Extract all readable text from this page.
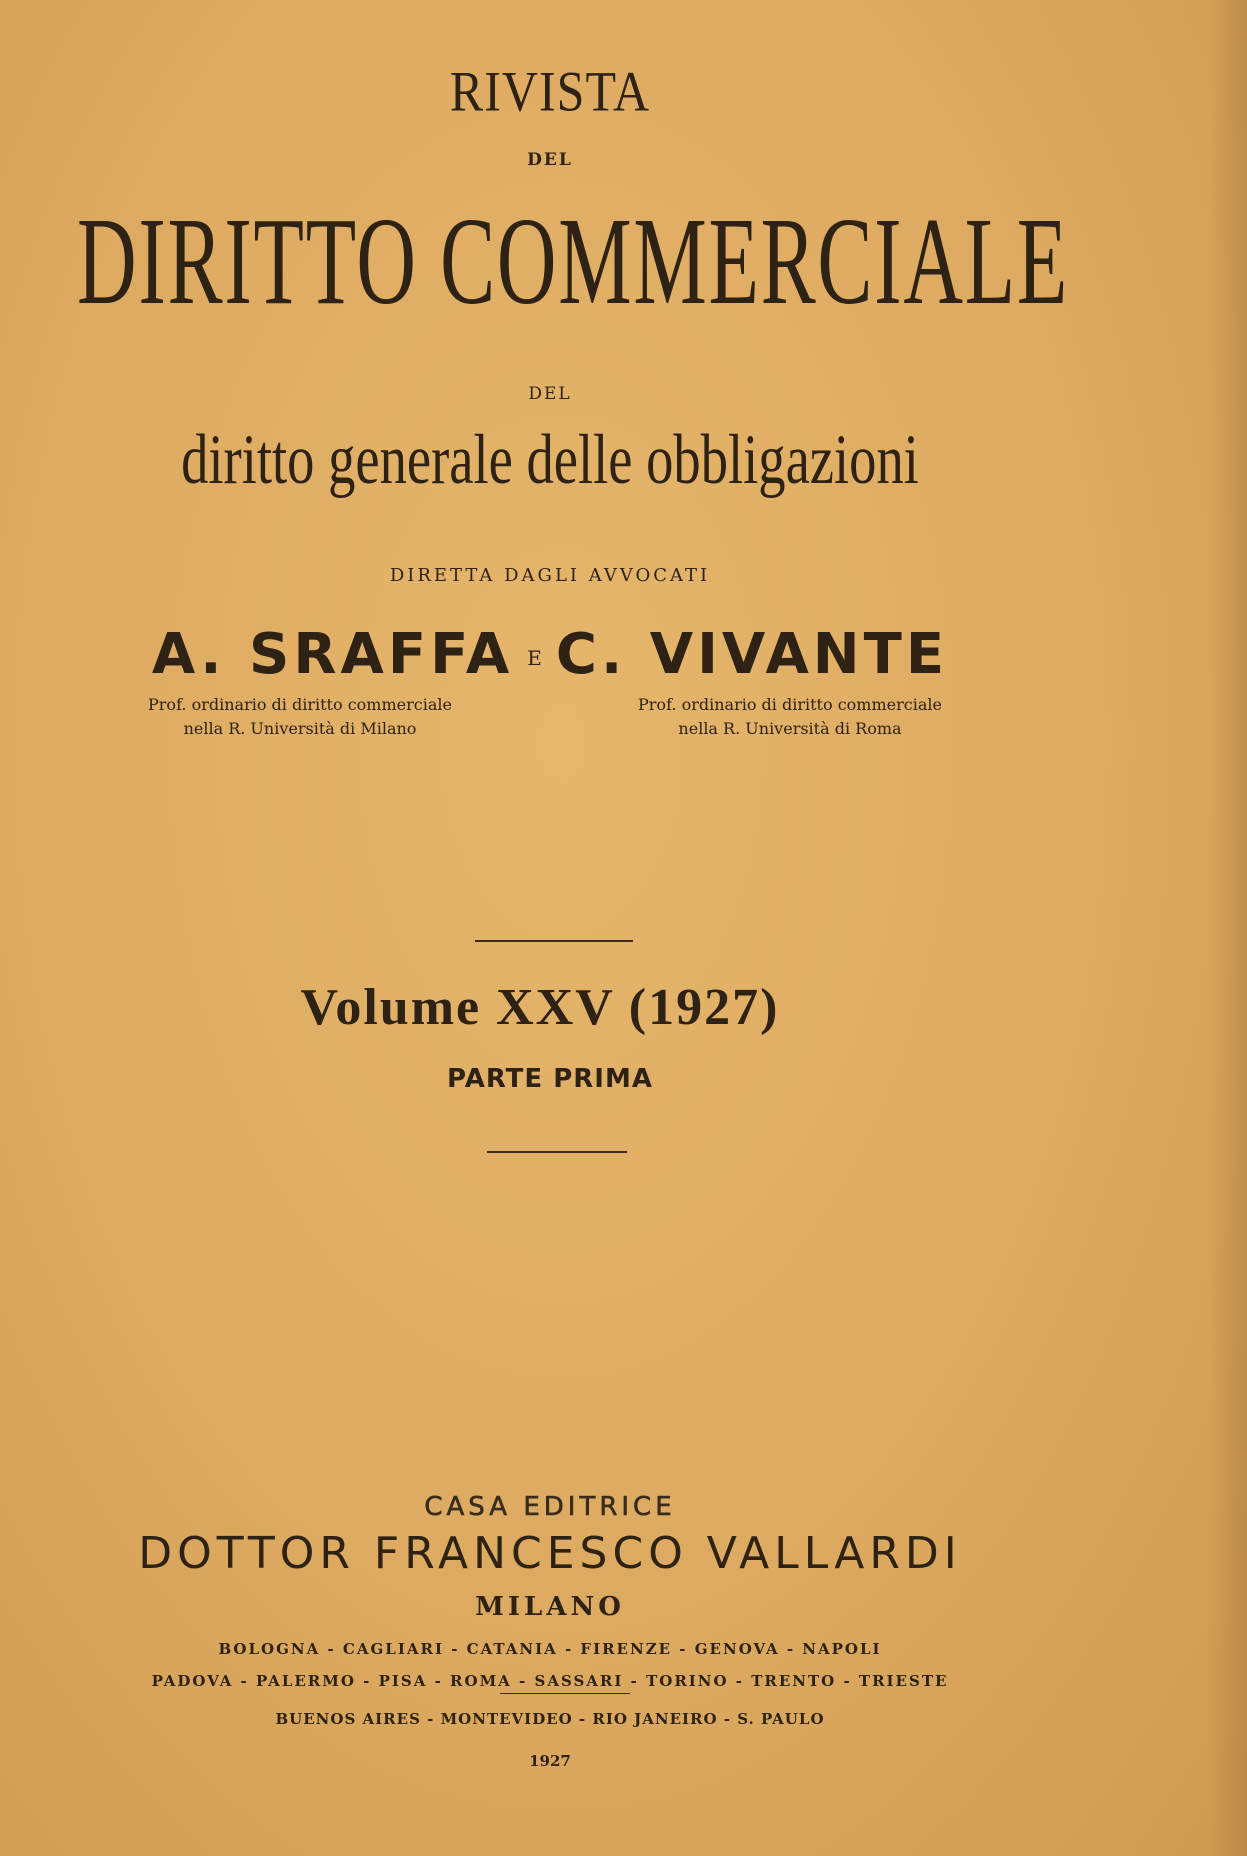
RIVISTA
DEL
DIRITTO COMMERCIALE
DEL
diritto generale delle obbligazioni
DIRETTA DAGLI AVVOCATI
A. SRAFFA E C. VIVANTE
Prof. ordinario di diritto commerciale
nella R. Università di Milano
Prof. ordinario di diritto commerciale
nella R. Università di Roma
Volume XXV (1927)
PARTE PRIMA
CASA EDITRICE
DOTTOR FRANCESCO VALLARDI
MILANO
BOLOGNA - CAGLIARI - CATANIA - FIRENZE - GENOVA - NAPOLI
PADOVA - PALERMO - PISA - ROMA - SASSARI - TORINO - TRENTO - TRIESTE
BUENOS AIRES - MONTEVIDEO - RIO JANEIRO - S. PAULO
1927
